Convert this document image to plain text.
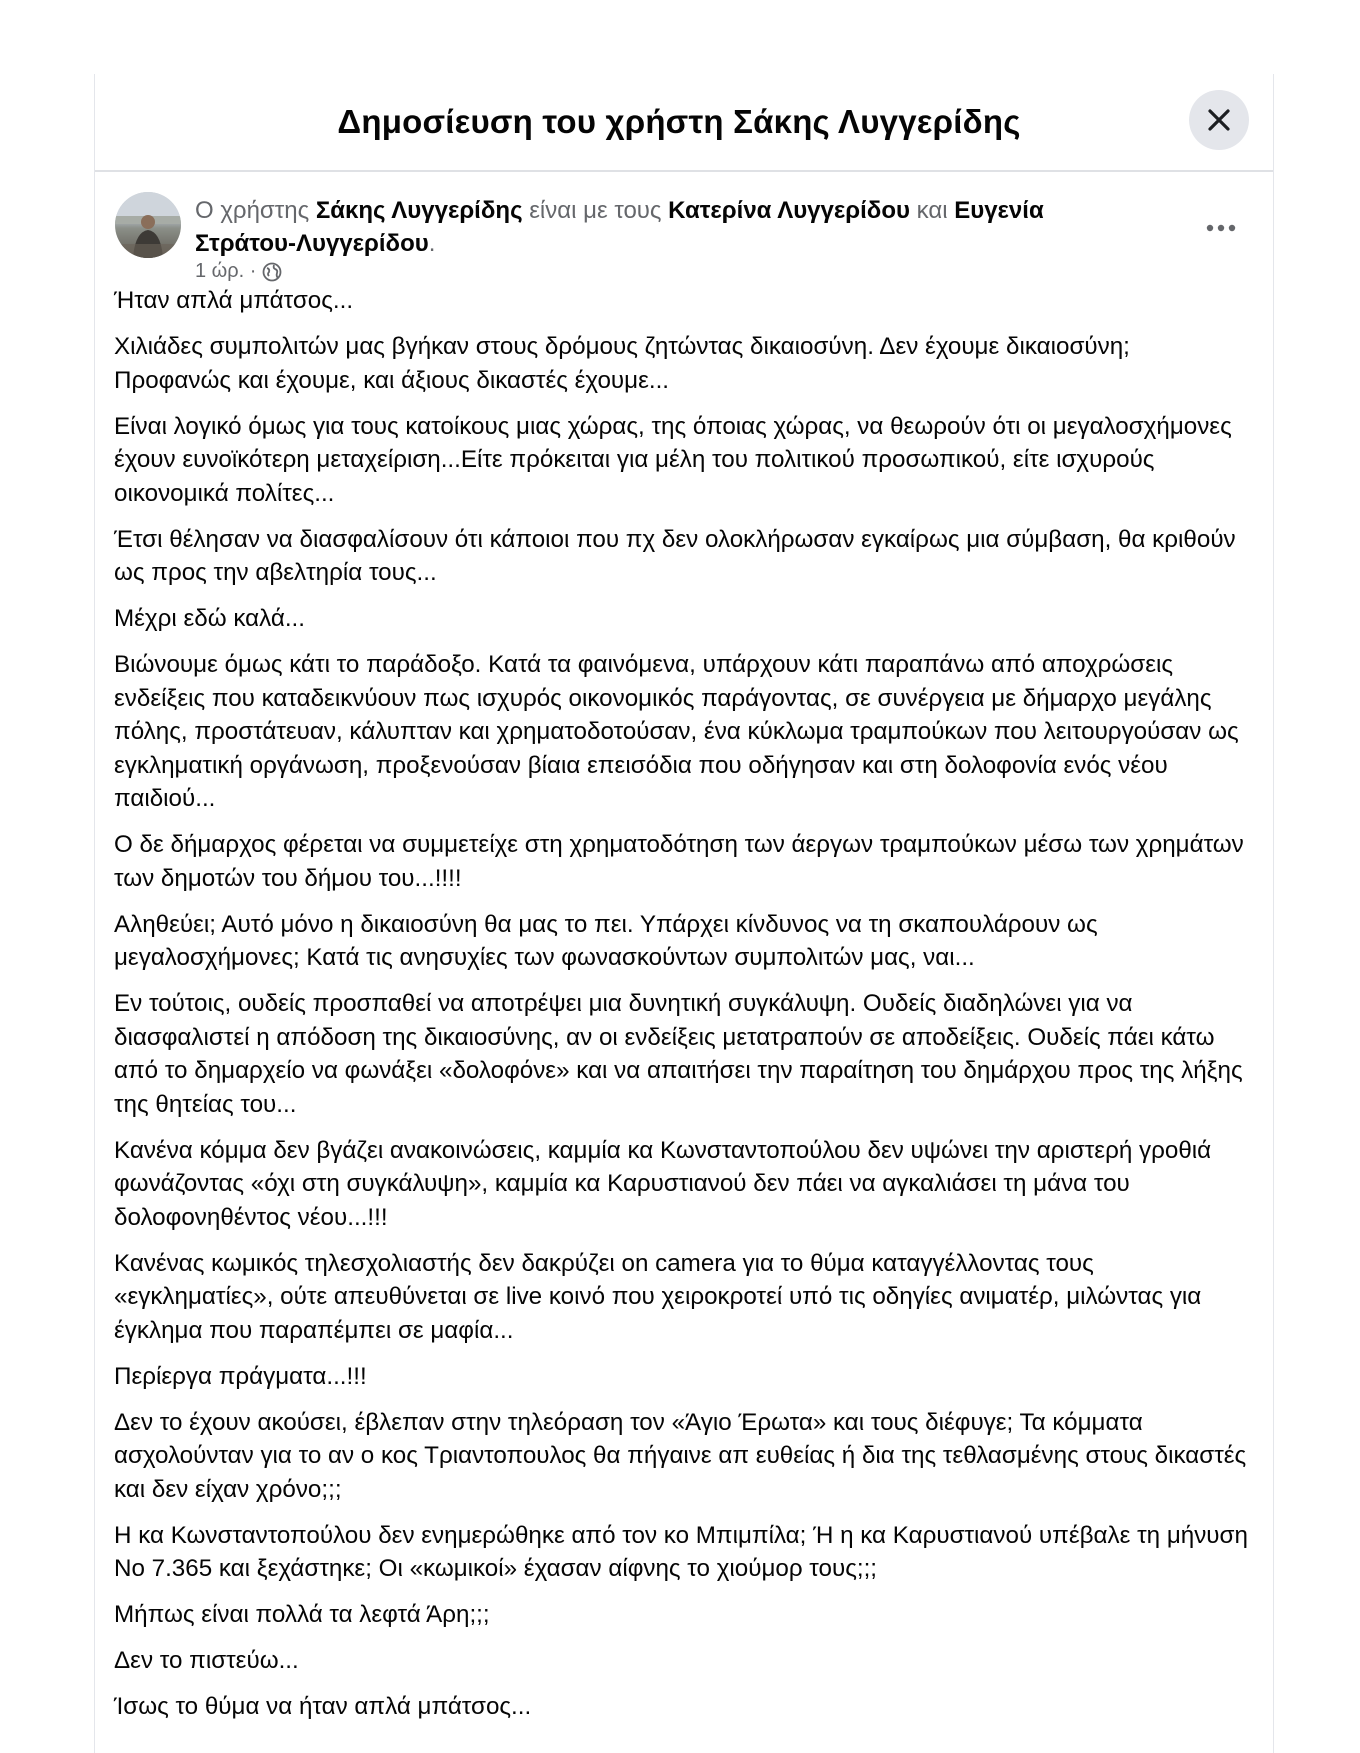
Δημοσίευση του χρήστη Σάκης Λυγγερίδης
Ο χρήστης Σάκης Λυγγερίδης είναι με τους Κατερίνα Λυγγερίδου και Ευγενία Στράτου-Λυγγερίδου.
1 ώρ. ·

Ήταν απλά μπάτσος...

Χιλιάδες συμπολιτών μας βγήκαν στους δρόμους ζητώντας δικαιοσύνη. Δεν έχουμε δικαιοσύνη; Προφανώς και έχουμε, και άξιους δικαστές έχουμε...

Είναι λογικό όμως για τους κατοίκους μιας χώρας, της όποιας χώρας, να θεωρούν ότι οι μεγαλοσχήμονες έχουν ευνοϊκότερη μεταχείριση...Είτε πρόκειται για μέλη του πολιτικού προσωπικού, είτε ισχυρούς οικονομικά πολίτες...

Έτσι θέλησαν να διασφαλίσουν ότι κάποιοι που πχ δεν ολοκλήρωσαν εγκαίρως μια σύμβαση, θα κριθούν ως προς την αβελτηρία τους...

Μέχρι εδώ καλά...

Βιώνουμε όμως κάτι το παράδοξο. Κατά τα φαινόμενα, υπάρχουν κάτι παραπάνω από αποχρώσεις ενδείξεις που καταδεικνύουν πως ισχυρός οικονομικός παράγοντας, σε συνέργεια με δήμαρχο μεγάλης πόλης, προστάτευαν, κάλυπταν και χρηματοδοτούσαν, ένα κύκλωμα τραμπούκων που λειτουργούσαν ως εγκληματική οργάνωση, προξενούσαν βίαια επεισόδια που οδήγησαν και στη δολοφονία ενός νέου παιδιού...

Ο δε δήμαρχος φέρεται να συμμετείχε στη χρηματοδότηση των άεργων τραμπούκων μέσω των χρημάτων των δημοτών του δήμου του...!!!!

Αληθεύει; Αυτό μόνο η δικαιοσύνη θα μας το πει. Υπάρχει κίνδυνος να τη σκαπουλάρουν ως μεγαλοσχήμονες; Κατά τις ανησυχίες των φωνασκούντων συμπολιτών μας, ναι...

Εν τούτοις, ουδείς προσπαθεί να αποτρέψει μια δυνητική συγκάλυψη. Ουδείς διαδηλώνει για να διασφαλιστεί η απόδοση της δικαιοσύνης, αν οι ενδείξεις μετατραπούν σε αποδείξεις. Ουδείς πάει κάτω από το δημαρχείο να φωνάξει «δολοφόνε» και να απαιτήσει την παραίτηση του δημάρχου προς της λήξης της θητείας του...

Κανένα κόμμα δεν βγάζει ανακοινώσεις, καμμία κα Κωνσταντοπούλου δεν υψώνει την αριστερή γροθιά φωνάζοντας «όχι στη συγκάλυψη», καμμία κα Καρυστιανού δεν πάει να αγκαλιάσει τη μάνα του δολοφονηθέντος νέου...!!!

Κανένας κωμικός τηλεσχολιαστής δεν δακρύζει on camera για το θύμα καταγγέλλοντας τους «εγκληματίες», ούτε απευθύνεται σε live κοινό που χειροκροτεί υπό τις οδηγίες ανιματέρ, μιλώντας για έγκλημα που παραπέμπει σε μαφία...

Περίεργα πράγματα...!!!

Δεν το έχουν ακούσει, έβλεπαν στην τηλεόραση τον «Άγιο Έρωτα» και τους διέφυγε; Τα κόμματα ασχολούνταν για το αν ο κος Τριαντοπουλος θα πήγαινε απ ευθείας ή δια της τεθλασμένης στους δικαστές και δεν είχαν χρόνο;;;

Η κα Κωνσταντοπούλου δεν ενημερώθηκε από τον κο Μπιμπίλα; Ή η κα Καρυστιανού υπέβαλε τη μήνυση Νο 7.365 και ξεχάστηκε; Οι «κωμικοί» έχασαν αίφνης το χιούμορ τους;;;

Μήπως είναι πολλά τα λεφτά Άρη;;;

Δεν το πιστεύω...

Ίσως το θύμα να ήταν απλά μπάτσος...
